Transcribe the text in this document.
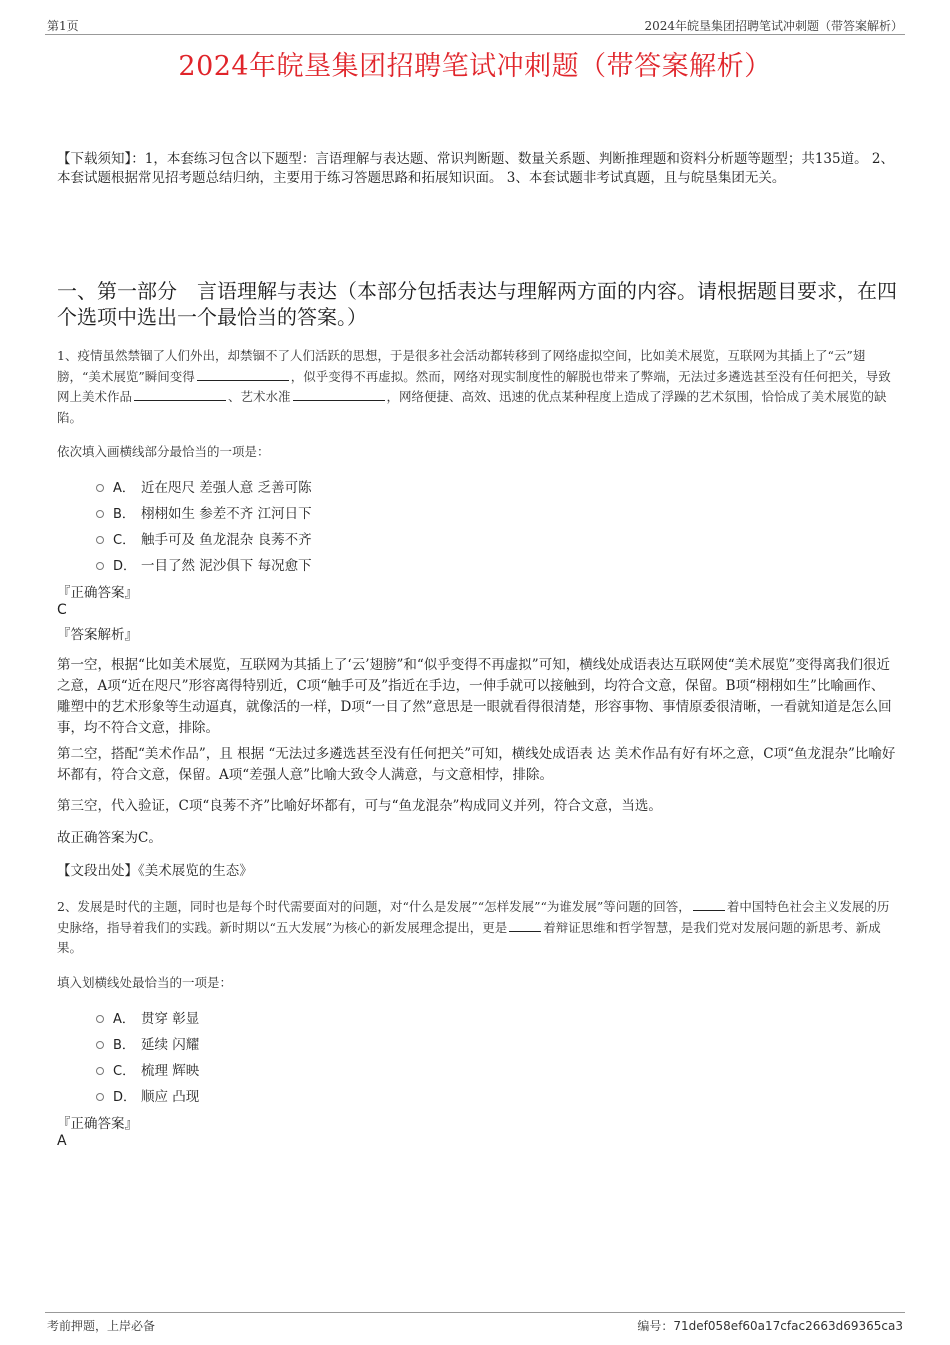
第1页	2024年皖垦集团招聘笔试冲刺题（带答案解析）
2024年皖垦集团招聘笔试冲刺题（带答案解析）
【下载须知】：1，本套练习包含以下题型：言语理解与表达题、常识判断题、数量关系题、判断推理题和资料分析题等题型；共135道。 2、本套试题根据常见招考题总结归纳，主要用于练习答题思路和拓展知识面。 3、本套试题非考试真题，且与皖垦集团无关。
一、第一部分　言语理解与表达（本部分包括表达与理解两方面的内容。请根据题目要求，在四个选项中选出一个最恰当的答案。）
1、疫情虽然禁锢了人们外出，却禁锢不了人们活跃的思想，于是很多社会活动都转移到了网络虚拟空间，比如美术展览，互联网为其插上了“云”翅膀，“美术展览”瞬间变得	，似乎变得不再虚拟。然而，网络对现实制度性的解脱也带来了弊端，无法过多遴选甚至没有任何把关，导致网上美术作品	、艺术水准	，网络便捷、高效、迅速的优点某种程度上造成了浮躁的艺术氛围，恰恰成了美术展览的缺陷。
依次填入画横线部分最恰当的一项是：
A． 近在咫尺 差强人意 乏善可陈
B． 栩栩如生 参差不齐 江河日下
C． 触手可及 鱼龙混杂 良莠不齐
D． 一目了然 泥沙俱下 每况愈下
『正确答案』
C
『答案解析』
第一空，根据“比如美术展览，互联网为其插上了‘云’翅膀”和“似乎变得不再虚拟”可知，横线处成语表达互联网使“美术展览”变得离我们很近之意，A项“近在咫尺”形容离得特别近，C项“触手可及”指近在手边，一伸手就可以接触到，均符合文意，保留。B项“栩栩如生”比喻画作、雕塑中的艺术形象等生动逼真，就像活的一样，D项“一目了然”意思是一眼就看得很清楚，形容事物、事情原委很清晰，一看就知道是怎么回事，均不符合文意，排除。
第二空，搭配“美术作品”，且 根据 “无法过多遴选甚至没有任何把关”可知，横线处成语表 达 美术作品有好有坏之意，C项“鱼龙混杂”比喻好坏都有，符合文意，保留。A项“差强人意”比喻大致令人满意，与文意相悖，排除。
第三空，代入验证，C项“良莠不齐”比喻好坏都有，可与“鱼龙混杂”构成同义并列，符合文意，当选。
故正确答案为C。
【文段出处】《美术展览的生态》
2、发展是时代的主题，同时也是每个时代需要面对的问题，对“什么是发展”“怎样发展”“为谁发展”等问题的回答，	着中国特色社会主义发展的历史脉络，指导着我们的实践。新时期以“五大发展”为核心的新发展理念提出，更是	着辩证思维和哲学智慧，是我们党对发展问题的新思考、新成果。
填入划横线处最恰当的一项是：
A． 贯穿 彰显
B． 延续 闪耀
C． 梳理 辉映
D． 顺应 凸现
『正确答案』
A
考前押题，上岸必备	编号：71def058ef60a17cfac2663d69365ca3
